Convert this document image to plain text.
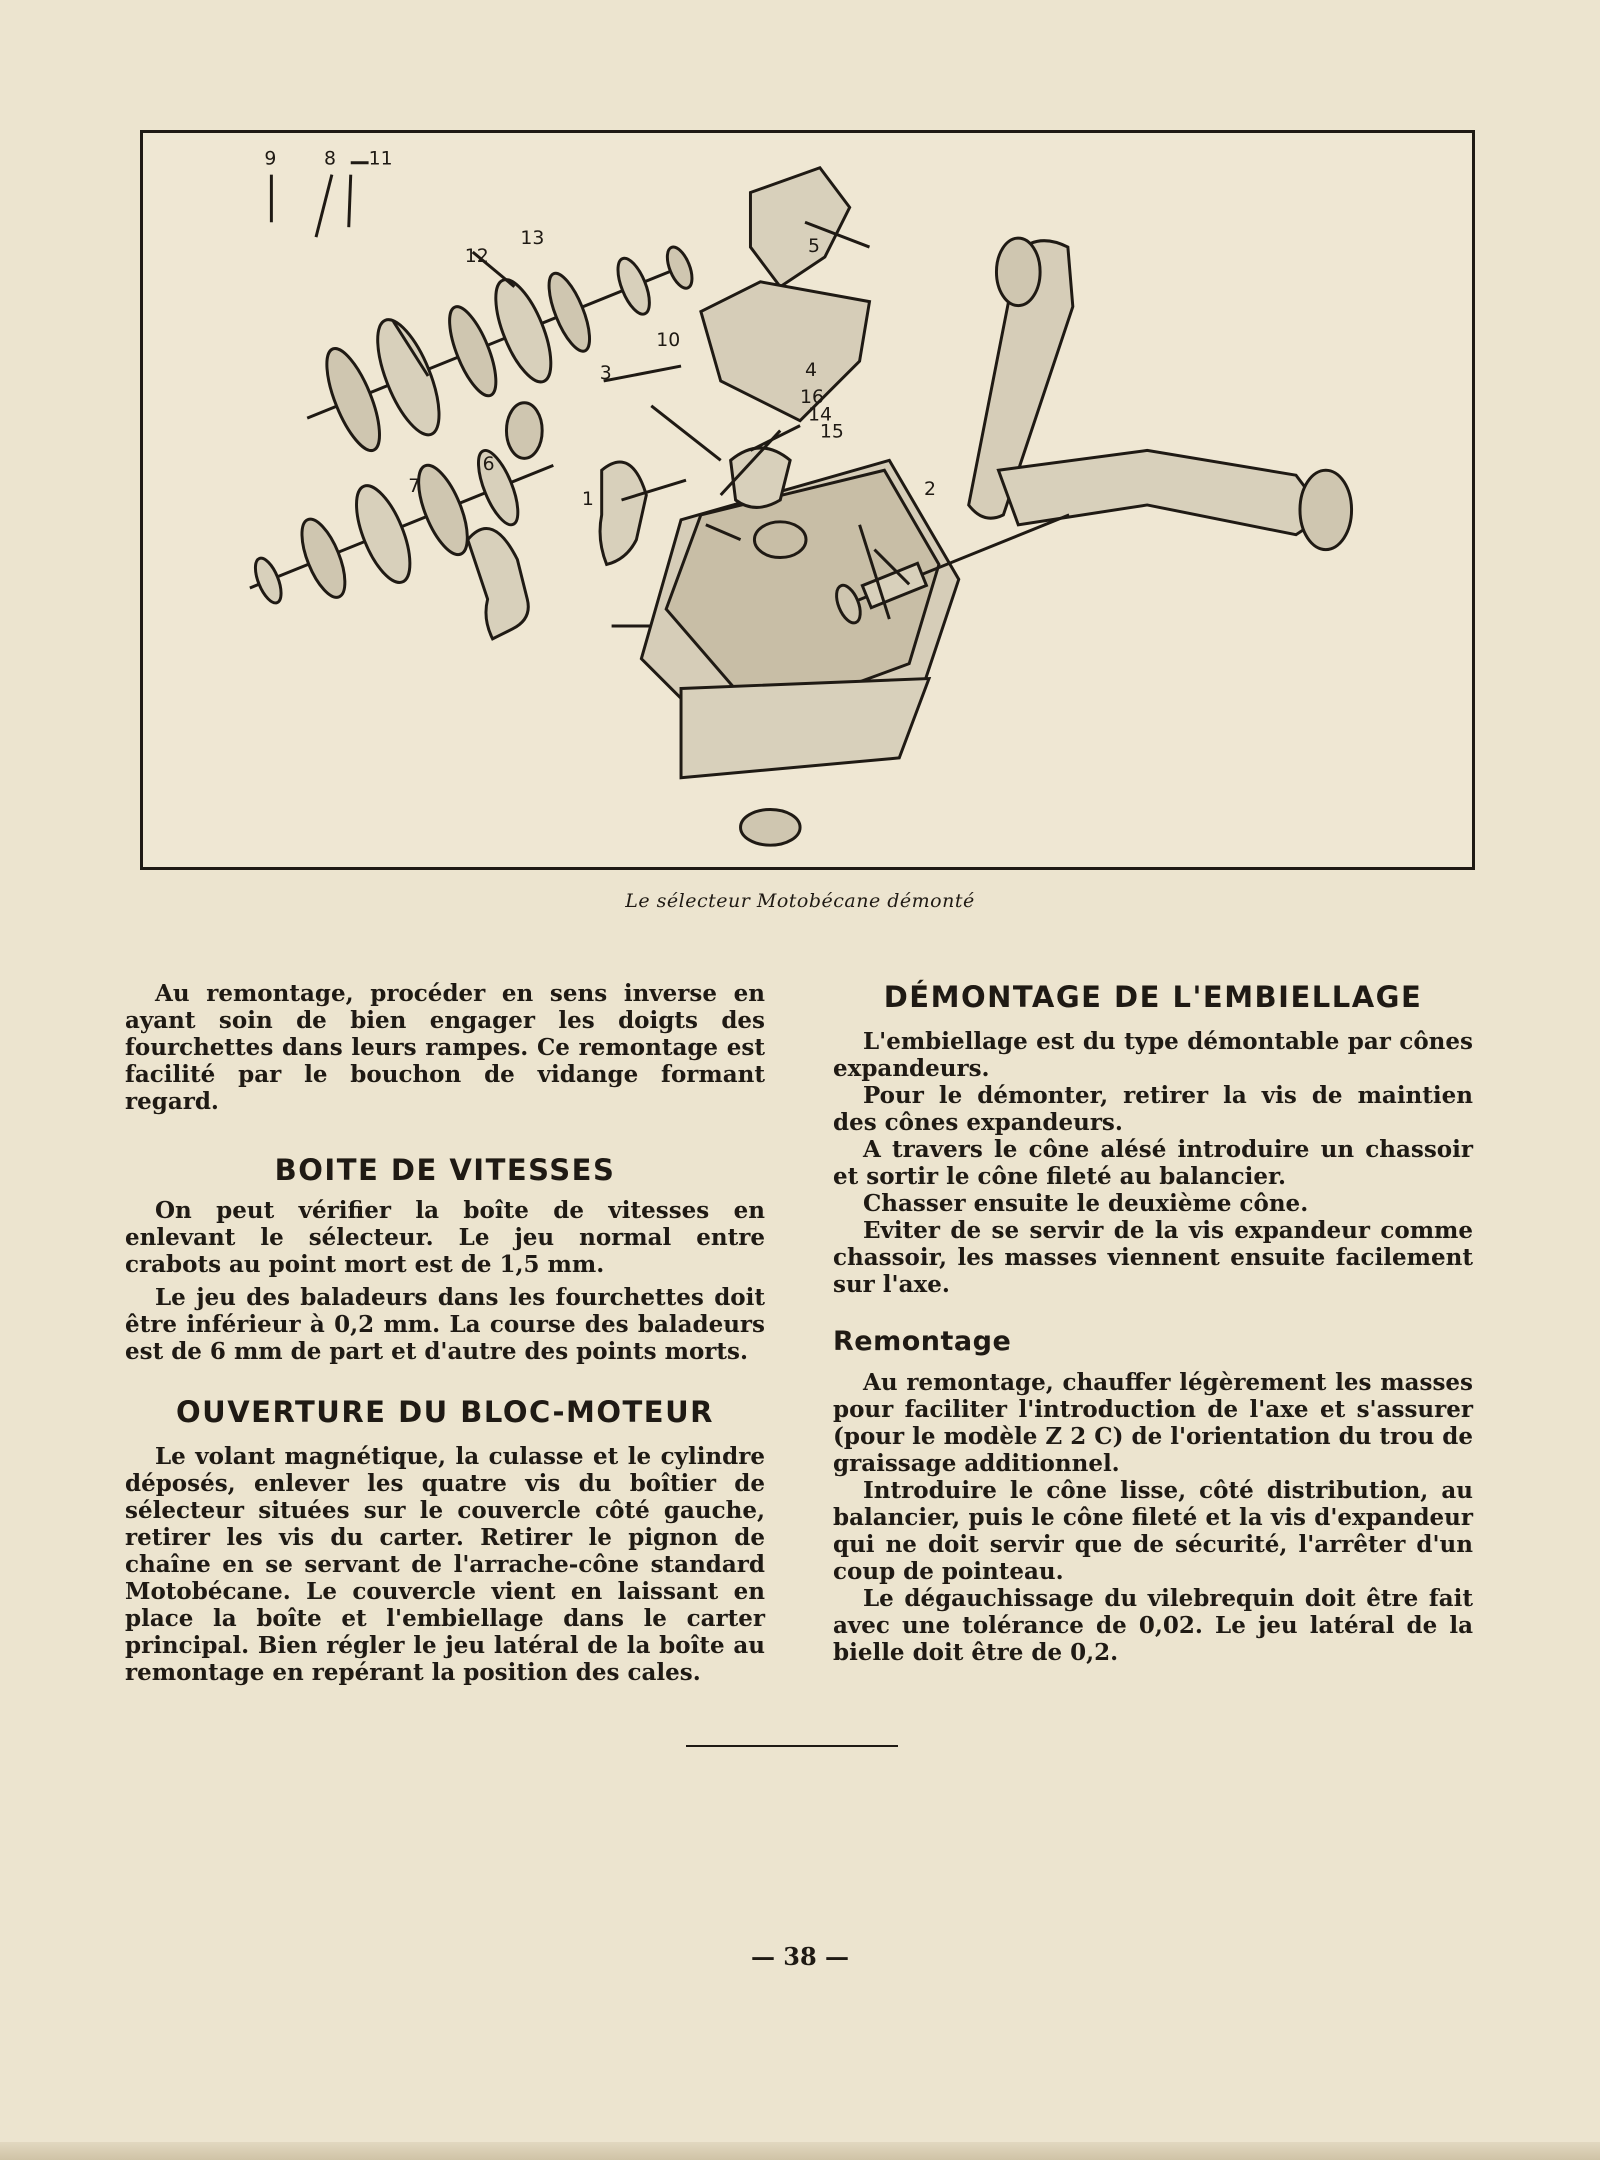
9	8 11
12
13
6
7
3
10
4
5
16
14
15
1	2
Le sélecteur Motobécane démonté

Au remontage, procéder en sens inverse en ayant soin de bien engager les doigts des fourchettes dans leurs rampes. Ce remontage est facilité par le bouchon de vidange formant regard.

BOITE DE VITESSES

On peut vérifier la boîte de vitesses en enlevant le sélecteur. Le jeu normal entre crabots au point mort est de 1,5 mm.

Le jeu des baladeurs dans les fourchettes doit être inférieur à 0,2 mm. La course des baladeurs est de 6 mm de part et d'autre des points morts.

OUVERTURE DU BLOC-MOTEUR

Le volant magnétique, la culasse et le cylindre déposés, enlever les quatre vis du boîtier de sélecteur situées sur le couvercle côté gauche, retirer les vis du carter. Retirer le pignon de chaîne en se servant de l'arrache-cône standard Motobécane. Le couvercle vient en laissant en place la boîte et l'embiellage dans le carter principal. Bien régler le jeu latéral de la boîte au remontage en repérant la position des cales.

DÉMONTAGE DE L'EMBIELLAGE

L'embiellage est du type démontable par cônes expandeurs.

Pour le démonter, retirer la vis de maintien des cônes expandeurs.

A travers le cône alésé introduire un chassoir et sortir le cône fileté au balancier.

Chasser ensuite le deuxième cône.

Eviter de se servir de la vis expandeur comme chassoir, les masses viennent ensuite facilement sur l'axe.

Remontage

Au remontage, chauffer légèrement les masses pour faciliter l'introduction de l'axe et s'assurer (pour le modèle Z 2 C) de l'orientation du trou de graissage additionnel.

Introduire le cône lisse, côté distribution, au balancier, puis le cône fileté et la vis d'expandeur qui ne doit servir que de sécurité, l'arrêter d'un coup de pointeau.

Le dégauchissage du vilebrequin doit être fait avec une tolérance de 0,02. Le jeu latéral de la bielle doit être de 0,2.

— 38 —
